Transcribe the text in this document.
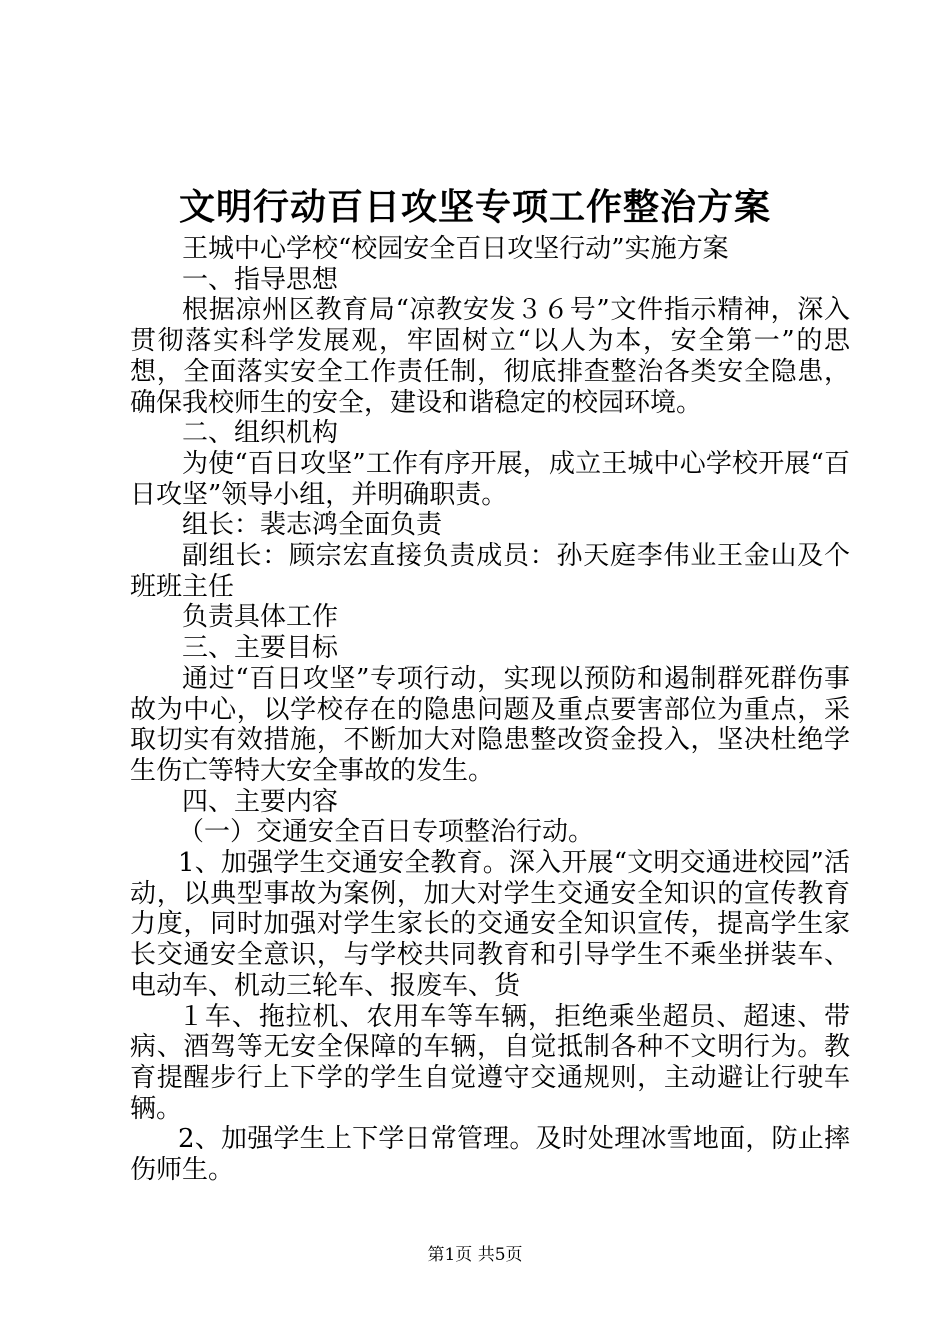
文明行动百日攻坚专项工作整治方案

王城中心学校“校园安全百日攻坚行动”实施方案

一、指导思想

根据凉州区教育局“凉教安发３６号”文件指示精神，深入贯彻落实科学发展观，牢固树立“以人为本，安全第一”的思想，全面落实安全工作责任制，彻底排查整治各类安全隐患，确保我校师生的安全，建设和谐稳定的校园环境。

二、组织机构

为使“百日攻坚”工作有序开展，成立王城中心学校开展“百日攻坚”领导小组，并明确职责。

组长：裴志鸿全面负责

副组长：顾宗宏直接负责成员：孙天庭李伟业王金山及个班班主任

负责具体工作

三、主要目标

通过“百日攻坚”专项行动，实现以预防和遏制群死群伤事故为中心，以学校存在的隐患问题及重点要害部位为重点，采取切实有效措施，不断加大对隐患整改资金投入，坚决杜绝学生伤亡等特大安全事故的发生。

四、主要内容

（一）交通安全百日专项整治行动。

1、加强学生交通安全教育。深入开展“文明交通进校园”活动，以典型事故为案例，加大对学生交通安全知识的宣传教育力度，同时加强对学生家长的交通安全知识宣传，提高学生家长交通安全意识，与学校共同教育和引导学生不乘坐拼装车、电动车、机动三轮车、报废车、货

１车、拖拉机、农用车等车辆，拒绝乘坐超员、超速、带病、酒驾等无安全保障的车辆，自觉抵制各种不文明行为。教育提醒步行上下学的学生自觉遵守交通规则，主动避让行驶车辆。

2、加强学生上下学日常管理。及时处理冰雪地面，防止摔伤师生。

第1页 共5页
